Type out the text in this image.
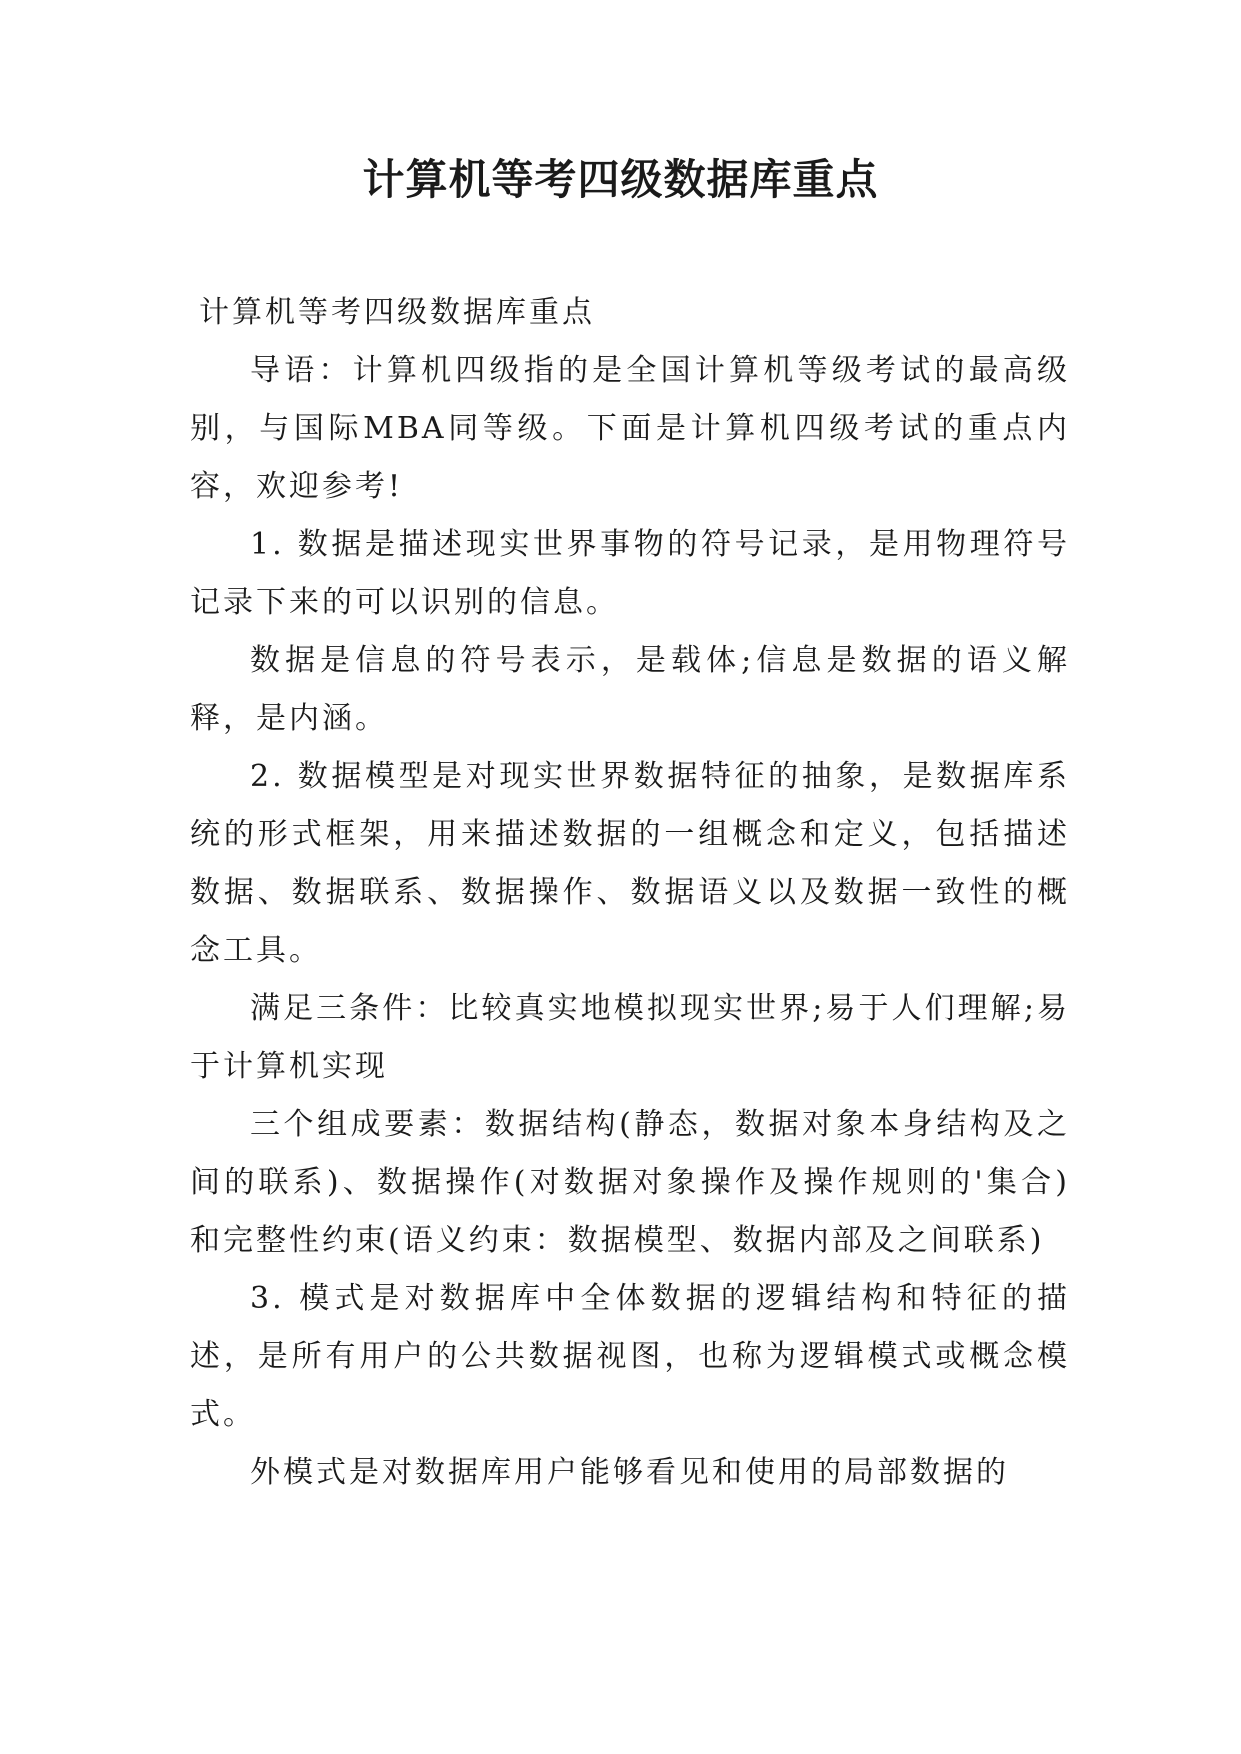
计算机等考四级数据库重点

计算机等考四级数据库重点

导语：计算机四级指的是全国计算机等级考试的最高级别，与国际MBA同等级。下面是计算机四级考试的重点内容，欢迎参考!

1. 数据是描述现实世界事物的符号记录，是用物理符号记录下来的可以识别的信息。

数据是信息的符号表示，是载体;信息是数据的语义解释，是内涵。

2. 数据模型是对现实世界数据特征的抽象，是数据库系统的形式框架，用来描述数据的一组概念和定义，包括描述数据、数据联系、数据操作、数据语义以及数据一致性的概念工具。

满足三条件：比较真实地模拟现实世界;易于人们理解;易于计算机实现

三个组成要素：数据结构(静态，数据对象本身结构及之间的联系)、数据操作(对数据对象操作及操作规则的'集合)和完整性约束(语义约束：数据模型、数据内部及之间联系)

3. 模式是对数据库中全体数据的逻辑结构和特征的描述，是所有用户的公共数据视图，也称为逻辑模式或概念模式。

外模式是对数据库用户能够看见和使用的局部数据的
